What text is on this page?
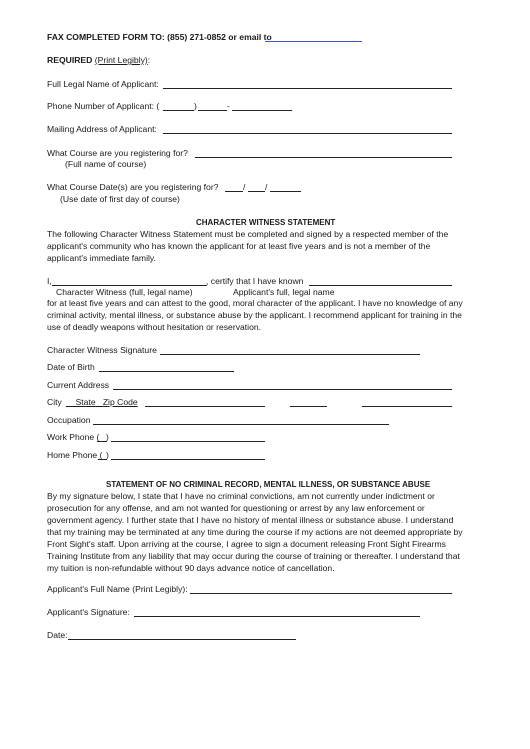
FAX COMPLETED FORM TO: (855) 271-0852 or email to
REQUIRED (Print Legibly):
Full Legal Name of Applicant:
Phone Number of Applicant: (	)	-
Mailing Address of Applicant:
What Course are you registering for?
(Full name of course)
What Course Date(s) are you registering for?	/ /
(Use date of first day of course)
CHARACTER WITNESS STATEMENT
The following Character Witness Statement must be completed and signed by a respected member of the
applicant's community who has known the applicant for at least five years and is not a member of the
applicant's immediate family.
I,	, certify that I have known
Character Witness (full, legal name)	Applicant's full, legal name
for at least five years and can attest to the good, moral character of the applicant. I have no knowledge of any
criminal activity, mental illness, or substance abuse by the applicant. I recommend applicant for training in the
use of deadly weapons without hesitation or reservation.
Character Witness Signature
Date of Birth
Current Address
City	State Zip Code
Occupation
Work Phone ( )
Home Phone ( )
STATEMENT OF NO CRIMINAL RECORD, MENTAL ILLNESS, OR SUBSTANCE ABUSE
By my signature below, I state that I have no criminal convictions, am not currently under indictment or
prosecution for any offense, and am not wanted for questioning or arrest by any law enforcement or
government agency. I further state that I have no history of mental illness or substance abuse. I understand
that my training may be terminated at any time during the course if my actions are not deemed appropriate by
Front Sight's staff. Upon arriving at the course, I agree to sign a document releasing Front Sight Firearms
Training Institute from any liability that may occur during the course of training or thereafter. I understand that
my tuition is non-refundable without 90 days advance notice of cancellation.
Applicant's Full Name (Print Legibly):
Applicant's Signature:
Date:
